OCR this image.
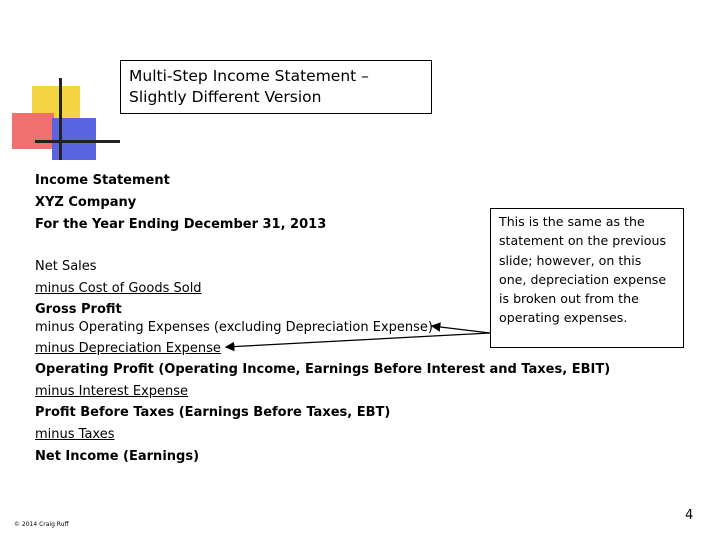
Multi-Step Income Statement –
Slightly Different Version
Income Statement
XYZ Company
For the Year Ending December 31, 2013
Net Sales
minus Cost of Goods Sold
Gross Profit
minus Operating Expenses (excluding Depreciation Expense)
minus Depreciation Expense
Operating Profit (Operating Income, Earnings Before Interest and Taxes, EBIT)
minus Interest Expense
Profit Before Taxes (Earnings Before Taxes, EBT)
minus Taxes
Net Income (Earnings)
This is the same as the
statement on the previous
slide; however, on this
one, depreciation expense
is broken out from the
operating expenses.
© 2014 Craig Ruff
4
